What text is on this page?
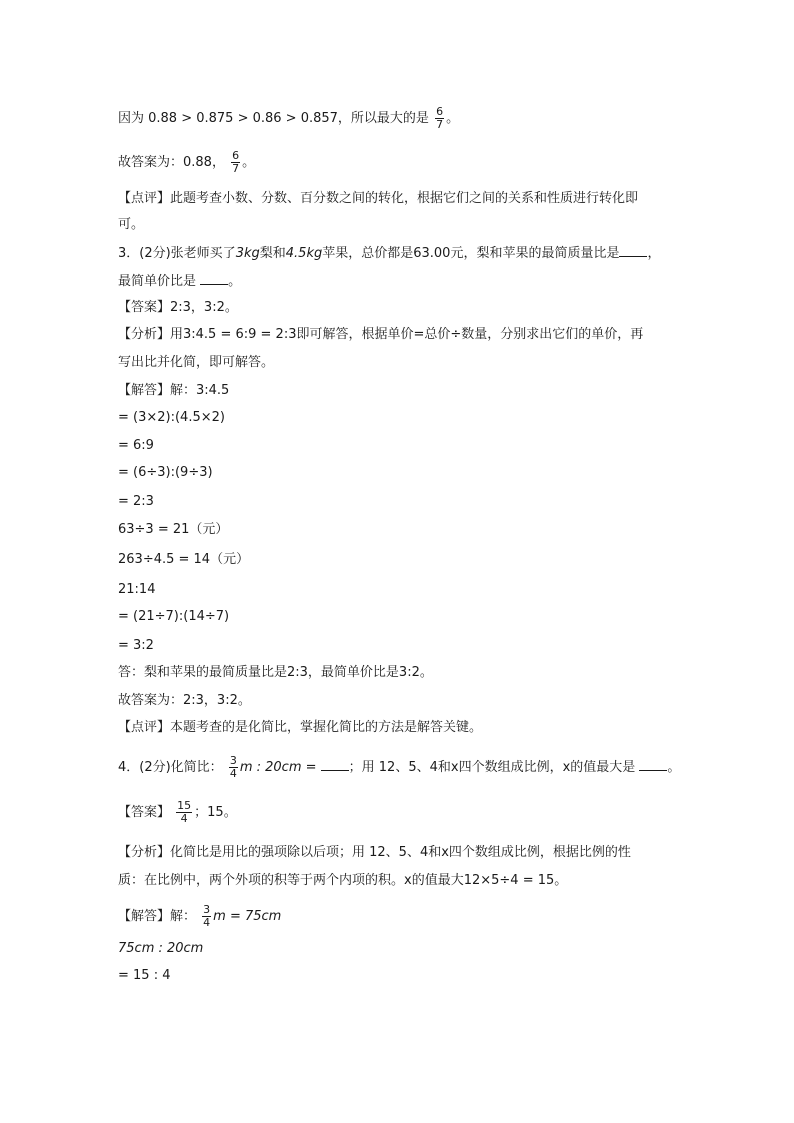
因为 0.88 > 0.875 > 0.86 > 0.857，所以最大的是 $\frac{6}{7}$ 。
故答案为：0.88， $\frac{6}{7}$ 。
【点评】此题考查小数、分数、百分数之间的转化，根据它们之间的关系和性质进行转化即
可。
3．(2分)张老师买了3kg梨和4.5kg苹果，总价都是63.00元，梨和苹果的最简质量比是 ，
最简单价比是 。
【答案】2:3，3:2。
【分析】用3:4.5 = 6:9 = 2:3即可解答，根据单价=总价÷数量，分别求出它们的单价，再
写出比并化简，即可解答。
【解答】解：3:4.5
= (3×2):(4.5×2)
= 6:9
= (6÷3):(9÷3)
= 2:3
63÷3 = 21（元）
263÷4.5 = 14（元）
21:14
= (21÷7):(14÷7)
= 3:2
答：梨和苹果的最简质量比是2:3，最简单价比是3:2。
故答案为：2:3，3:2。
【点评】本题考查的是化简比，掌握化简比的方法是解答关键。
4．(2分)化简比： $\frac{3}{4}$ m : 20cm = ；用 12、5、4和x四个数组成比例，x的值最大是 。
【答案】 $\frac{15}{4}$ ；15。
【分析】化简比是用比的强项除以后项；用 12、5、4和x四个数组成比例，根据比例的性
质：在比例中，两个外项的积等于两个内项的积。x的值最大12×5÷4 = 15。
【解答】解： $\frac{3}{4}$ m = 75cm
75cm : 20cm
= 15 : 4
